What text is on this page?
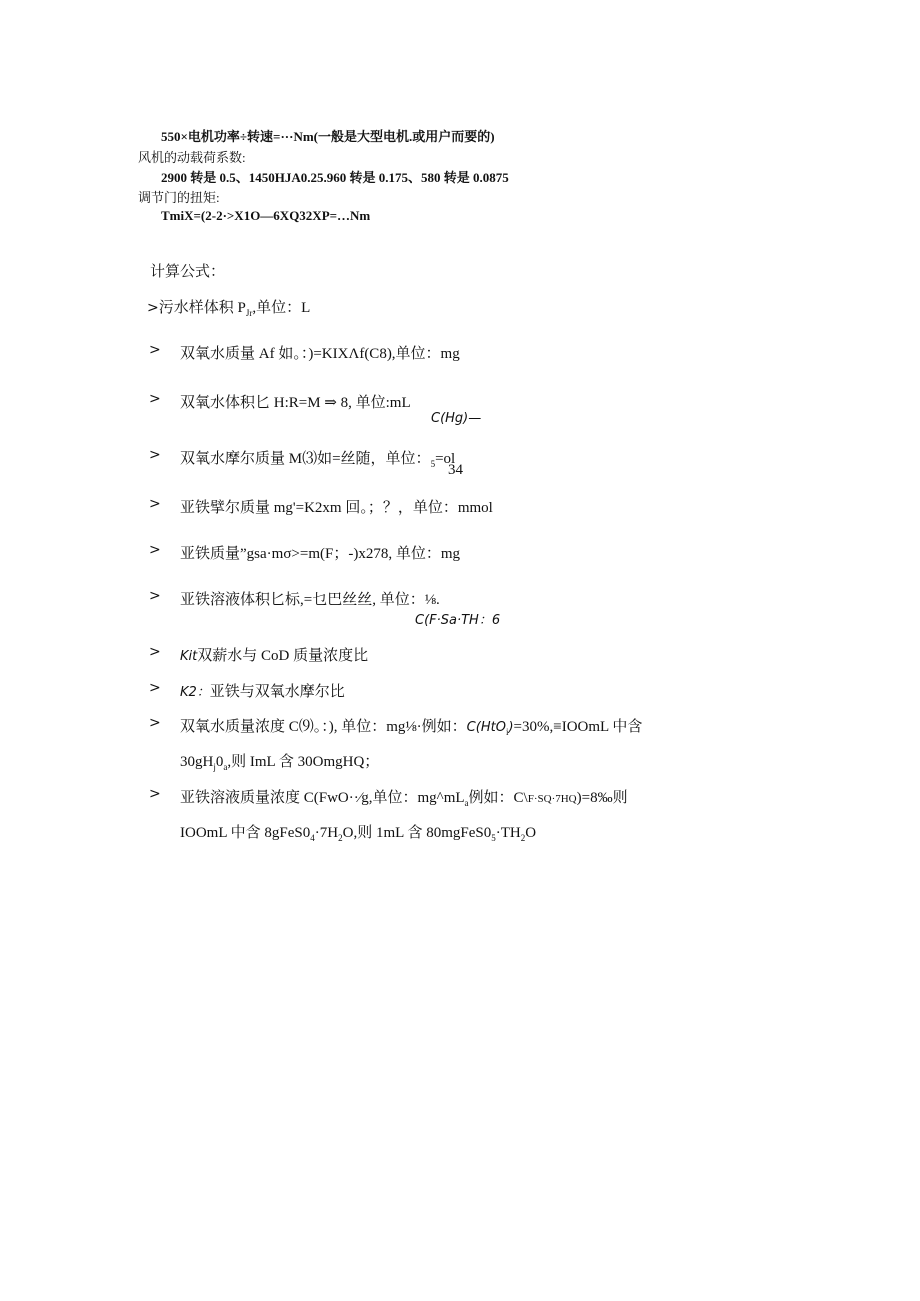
550×电机功率÷转速=···Nm(一般是大型电机.或用户而要的)
风机的动载荷系数:
2900 转是 0.5、1450HJA0.25.960 转是 0.175、580 转是 0.0875
调节门的扭矩:
TmiX=(2-2·>X1O—6XQ32XP=…Nm
计算公式：
>污水样体积 $P_{Jr}$,单位：L
> 双氧水质量 Af 如。：)=KIXΛf(C8),单位：mg
> 双氧水体积匕 H:R=M ⇒ 8, 单位:mL
C(Hg)—
> 双氧水摩尔质量 M⑶如=丝随，单位：$_5$=ol
34
> 亚铁擘尔质量 mg'=K2xm 回。；？，单位：mmol
> 亚铁质量”gsa·mσ>=m(F；-)x278, 单位：mg
> 亚铁溶液体积匕标,=乜巴丝丝, 单位：⅛.
C(F·Sa·TH：6
> Kit双薪水与 CoD 质量浓度比
> K2：亚铁与双氧水摩尔比
> 双氧水质量浓度 C⑼。：), 单位：mg⅛·例如：C(HtO$_i$)=30%,≡IOOmL 中含
$30gH_j0_a$,则 ImL 含 30OmgHQ；
> 亚铁溶液质量浓度 C(FwO··⁄g,单位：$mg\^{}mL_a$例如：C\F·SQ·7HQ)=8‰则
IOOmL 中含 $8gFeS0_4\cdot 7H_2O$,则 1mL 含 $80mgFeS0_5\cdot TH_2O$
